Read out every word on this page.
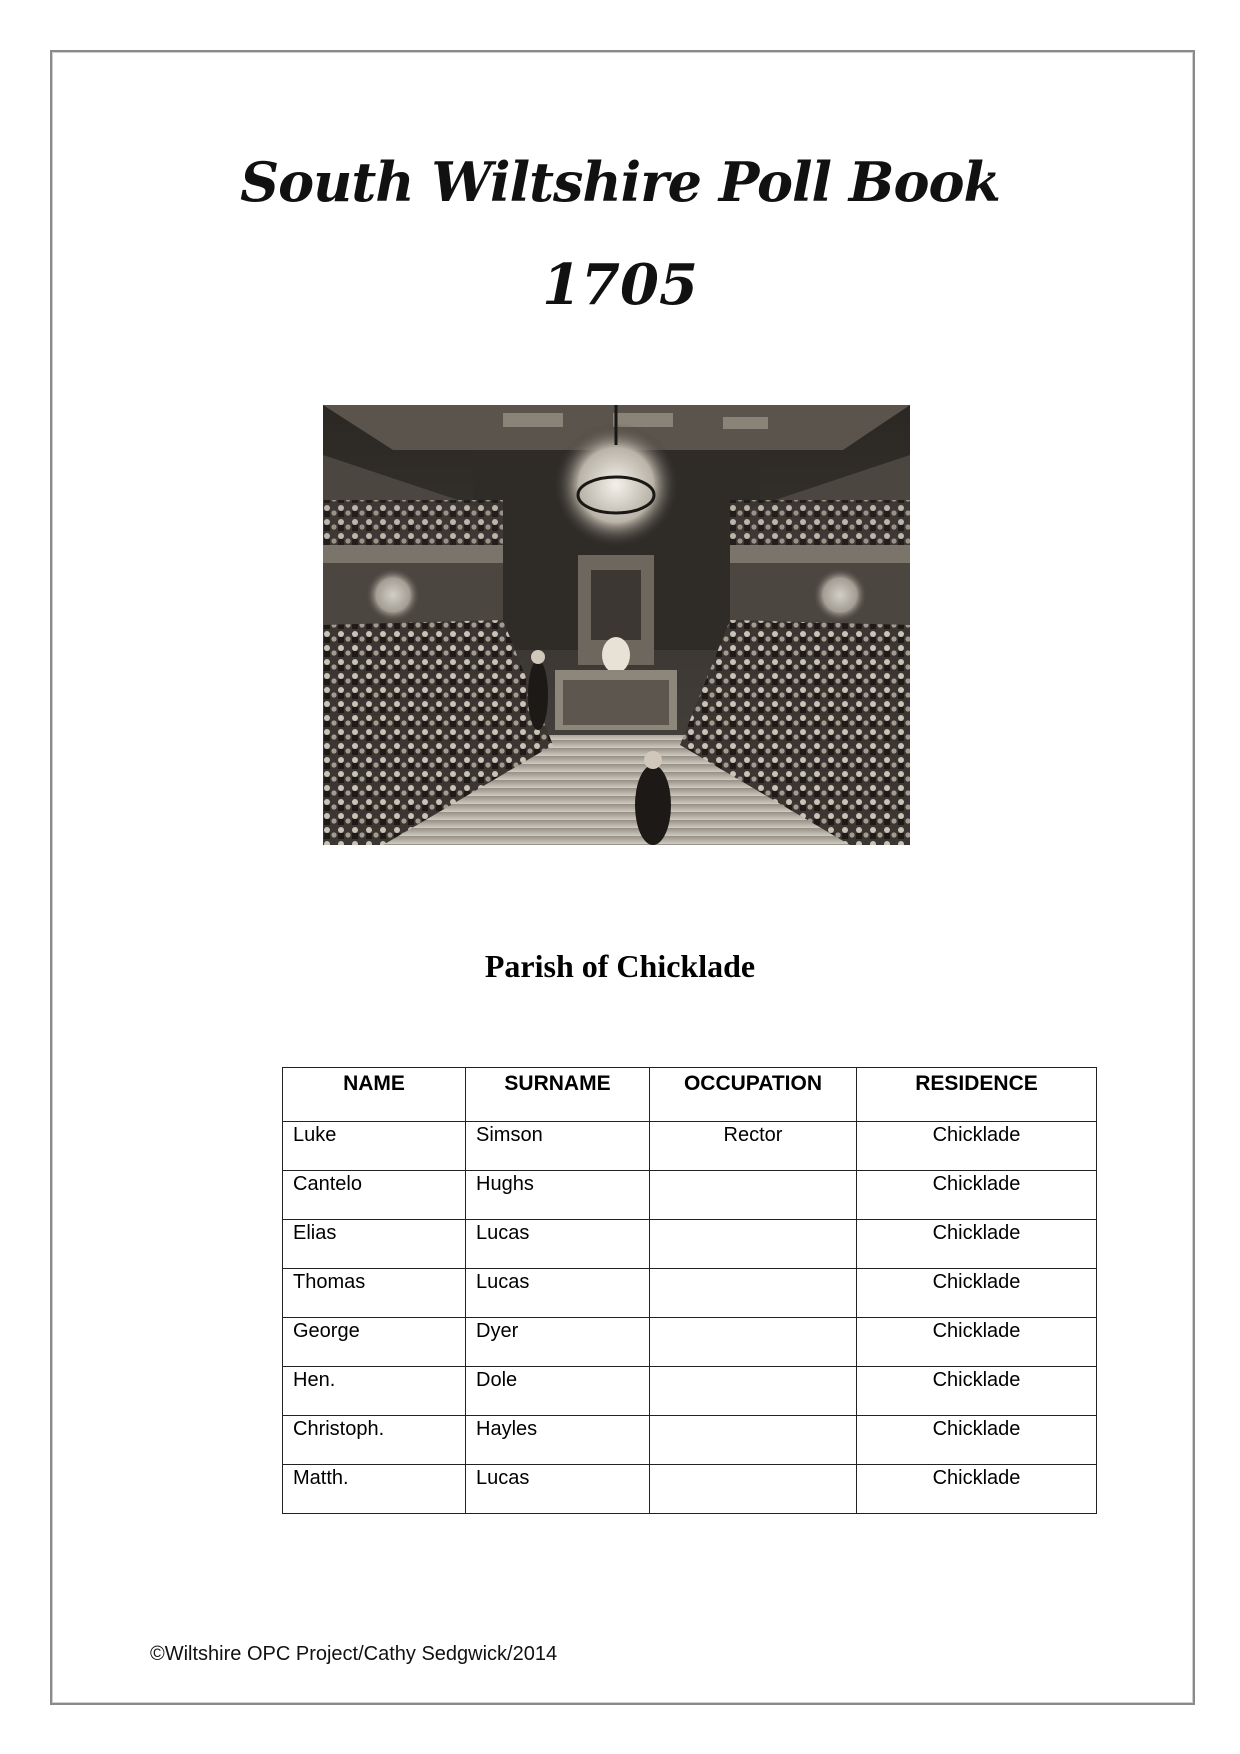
South Wiltshire Poll Book
1705
Parish of Chicklade
NAME	SURNAME	OCCUPATION	RESIDENCE
Luke	Simson	Rector	Chicklade
Cantelo	Hughs		Chicklade
Elias	Lucas		Chicklade
Thomas	Lucas		Chicklade
George	Dyer		Chicklade
Hen.	Dole		Chicklade
Christoph.	Hayles		Chicklade
Matth.	Lucas		Chicklade
©Wiltshire OPC Project/Cathy Sedgwick/2014
